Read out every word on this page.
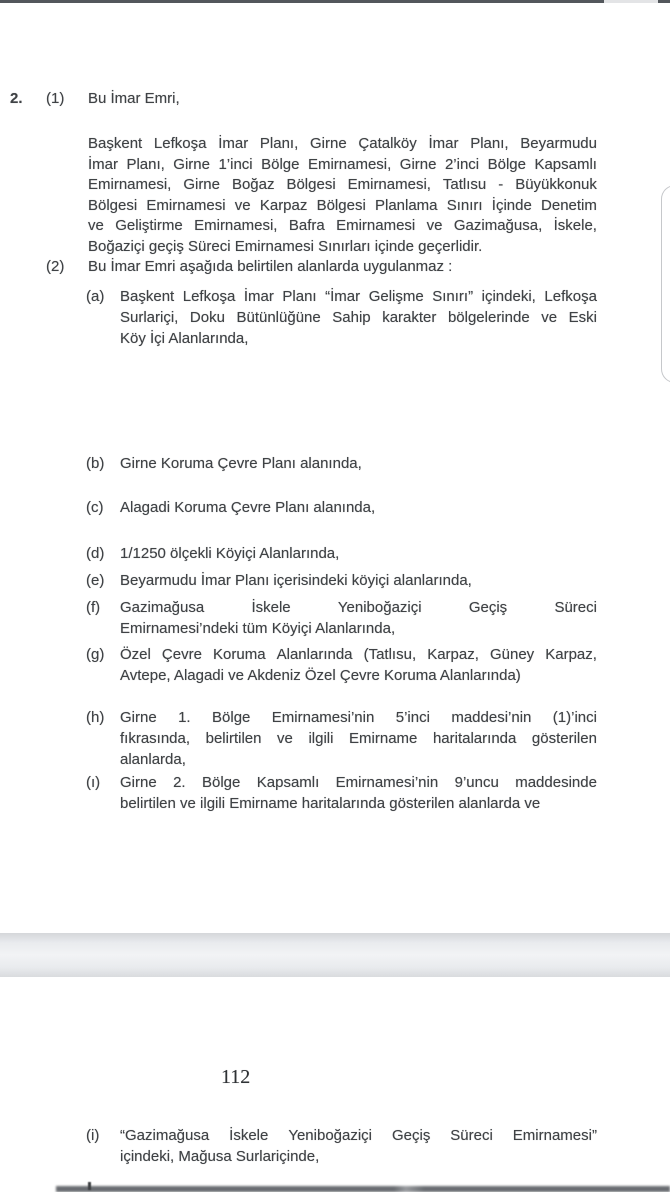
2. (1) Bu İmar Emri,
Başkent Lefkoşa İmar Planı, Girne Çatalköy İmar Planı, Beyarmudu
İmar Planı, Girne 1’inci Bölge Emirnamesi, Girne 2’inci Bölge Kapsamlı
Emirnamesi, Girne Boğaz Bölgesi Emirnamesi, Tatlısu - Büyükkonuk
Bölgesi Emirnamesi ve Karpaz Bölgesi Planlama Sınırı İçinde Denetim
ve Geliştirme Emirnamesi, Bafra Emirnamesi ve Gazimağusa, İskele,
Boğaziçi geçiş Süreci Emirnamesi Sınırları içinde geçerlidir.
(2) Bu İmar Emri aşağıda belirtilen alanlarda uygulanmaz :
(a)	Başkent Lefkoşa İmar Planı “İmar Gelişme Sınırı” içindeki, Lefkoşa
Surlariçi, Doku Bütünlüğüne Sahip karakter bölgelerinde ve Eski
Köy İçi Alanlarında,
(b)	Girne Koruma Çevre Planı alanında,
(c)	Alagadi Koruma Çevre Planı alanında,
(d)	1/1250 ölçekli Köyiçi Alanlarında,
(e)	Beyarmudu İmar Planı içerisindeki köyiçi alanlarında,
(f)	Gazimağusa	İskele	Yeniboğaziçi	Geçiş	Süreci
Emirnamesi’ndeki tüm Köyiçi Alanlarında,
(g)	Özel Çevre Koruma Alanlarında (Tatlısu, Karpaz, Güney Karpaz,
Avtepe, Alagadi ve Akdeniz Özel Çevre Koruma Alanlarında)
(h)	Girne 1. Bölge Emirnamesi’nin 5’inci maddesi’nin (1)’inci
fıkrasında, belirtilen ve ilgili Emirname haritalarında gösterilen
alanlarda,
(ı)	Girne 2. Bölge Kapsamlı Emirnamesi’nin 9’uncu maddesinde
belirtilen ve ilgili Emirname haritalarında gösterilen alanlarda ve
112
(i)	“Gazimağusa İskele Yeniboğaziçi Geçiş Süreci Emirnamesi”
içindeki, Mağusa Surlariçinde,
